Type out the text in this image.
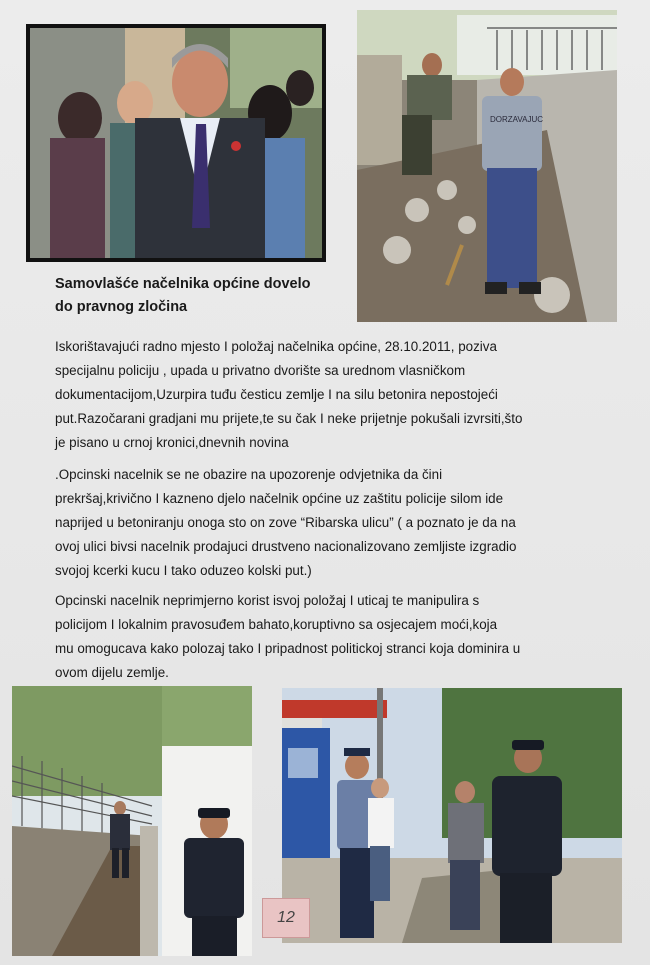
DORZAVAJUC
Samovlašće načelnika općine dovelo
do pravnog zločina
Iskorištavajući radno mjesto I položaj načelnika općine, 28.10.2011, poziva
specijalnu policiju , upada u privatno dvorište sa urednom vlasničkom
dokumentacijom,Uzurpira tuđu česticu zemlje I na silu betonira nepostojeći
put.Razočarani gradjani mu prijete,te su čak I neke prijetnje pokušali izvrsiti,što
je pisano u crnoj kronici,dnevnih novina
.Opcinski nacelnik se ne obazire na upozorenje odvjetnika da čini
prekršaj,krivično I kazneno djelo načelnik općine uz zaštitu policije silom ide
naprijed u betoniranju onoga sto on zove “Ribarska ulicu” ( a poznato je da na
ovoj ulici bivsi nacelnik prodajuci drustveno nacionalizovano zemljiste izgradio
svojoj kcerki kucu I tako oduzeo kolski put.)
Opcinski nacelnik neprimjerno korist isvoj položaj I uticaj te manipulira s
policijom I lokalnim pravosuđem bahato,koruptivno sa osjecajem moći,koja
mu omogucava kako polozaj tako I pripadnost politickoj stranci koja dominira u
ovom dijelu zemlje.
12
